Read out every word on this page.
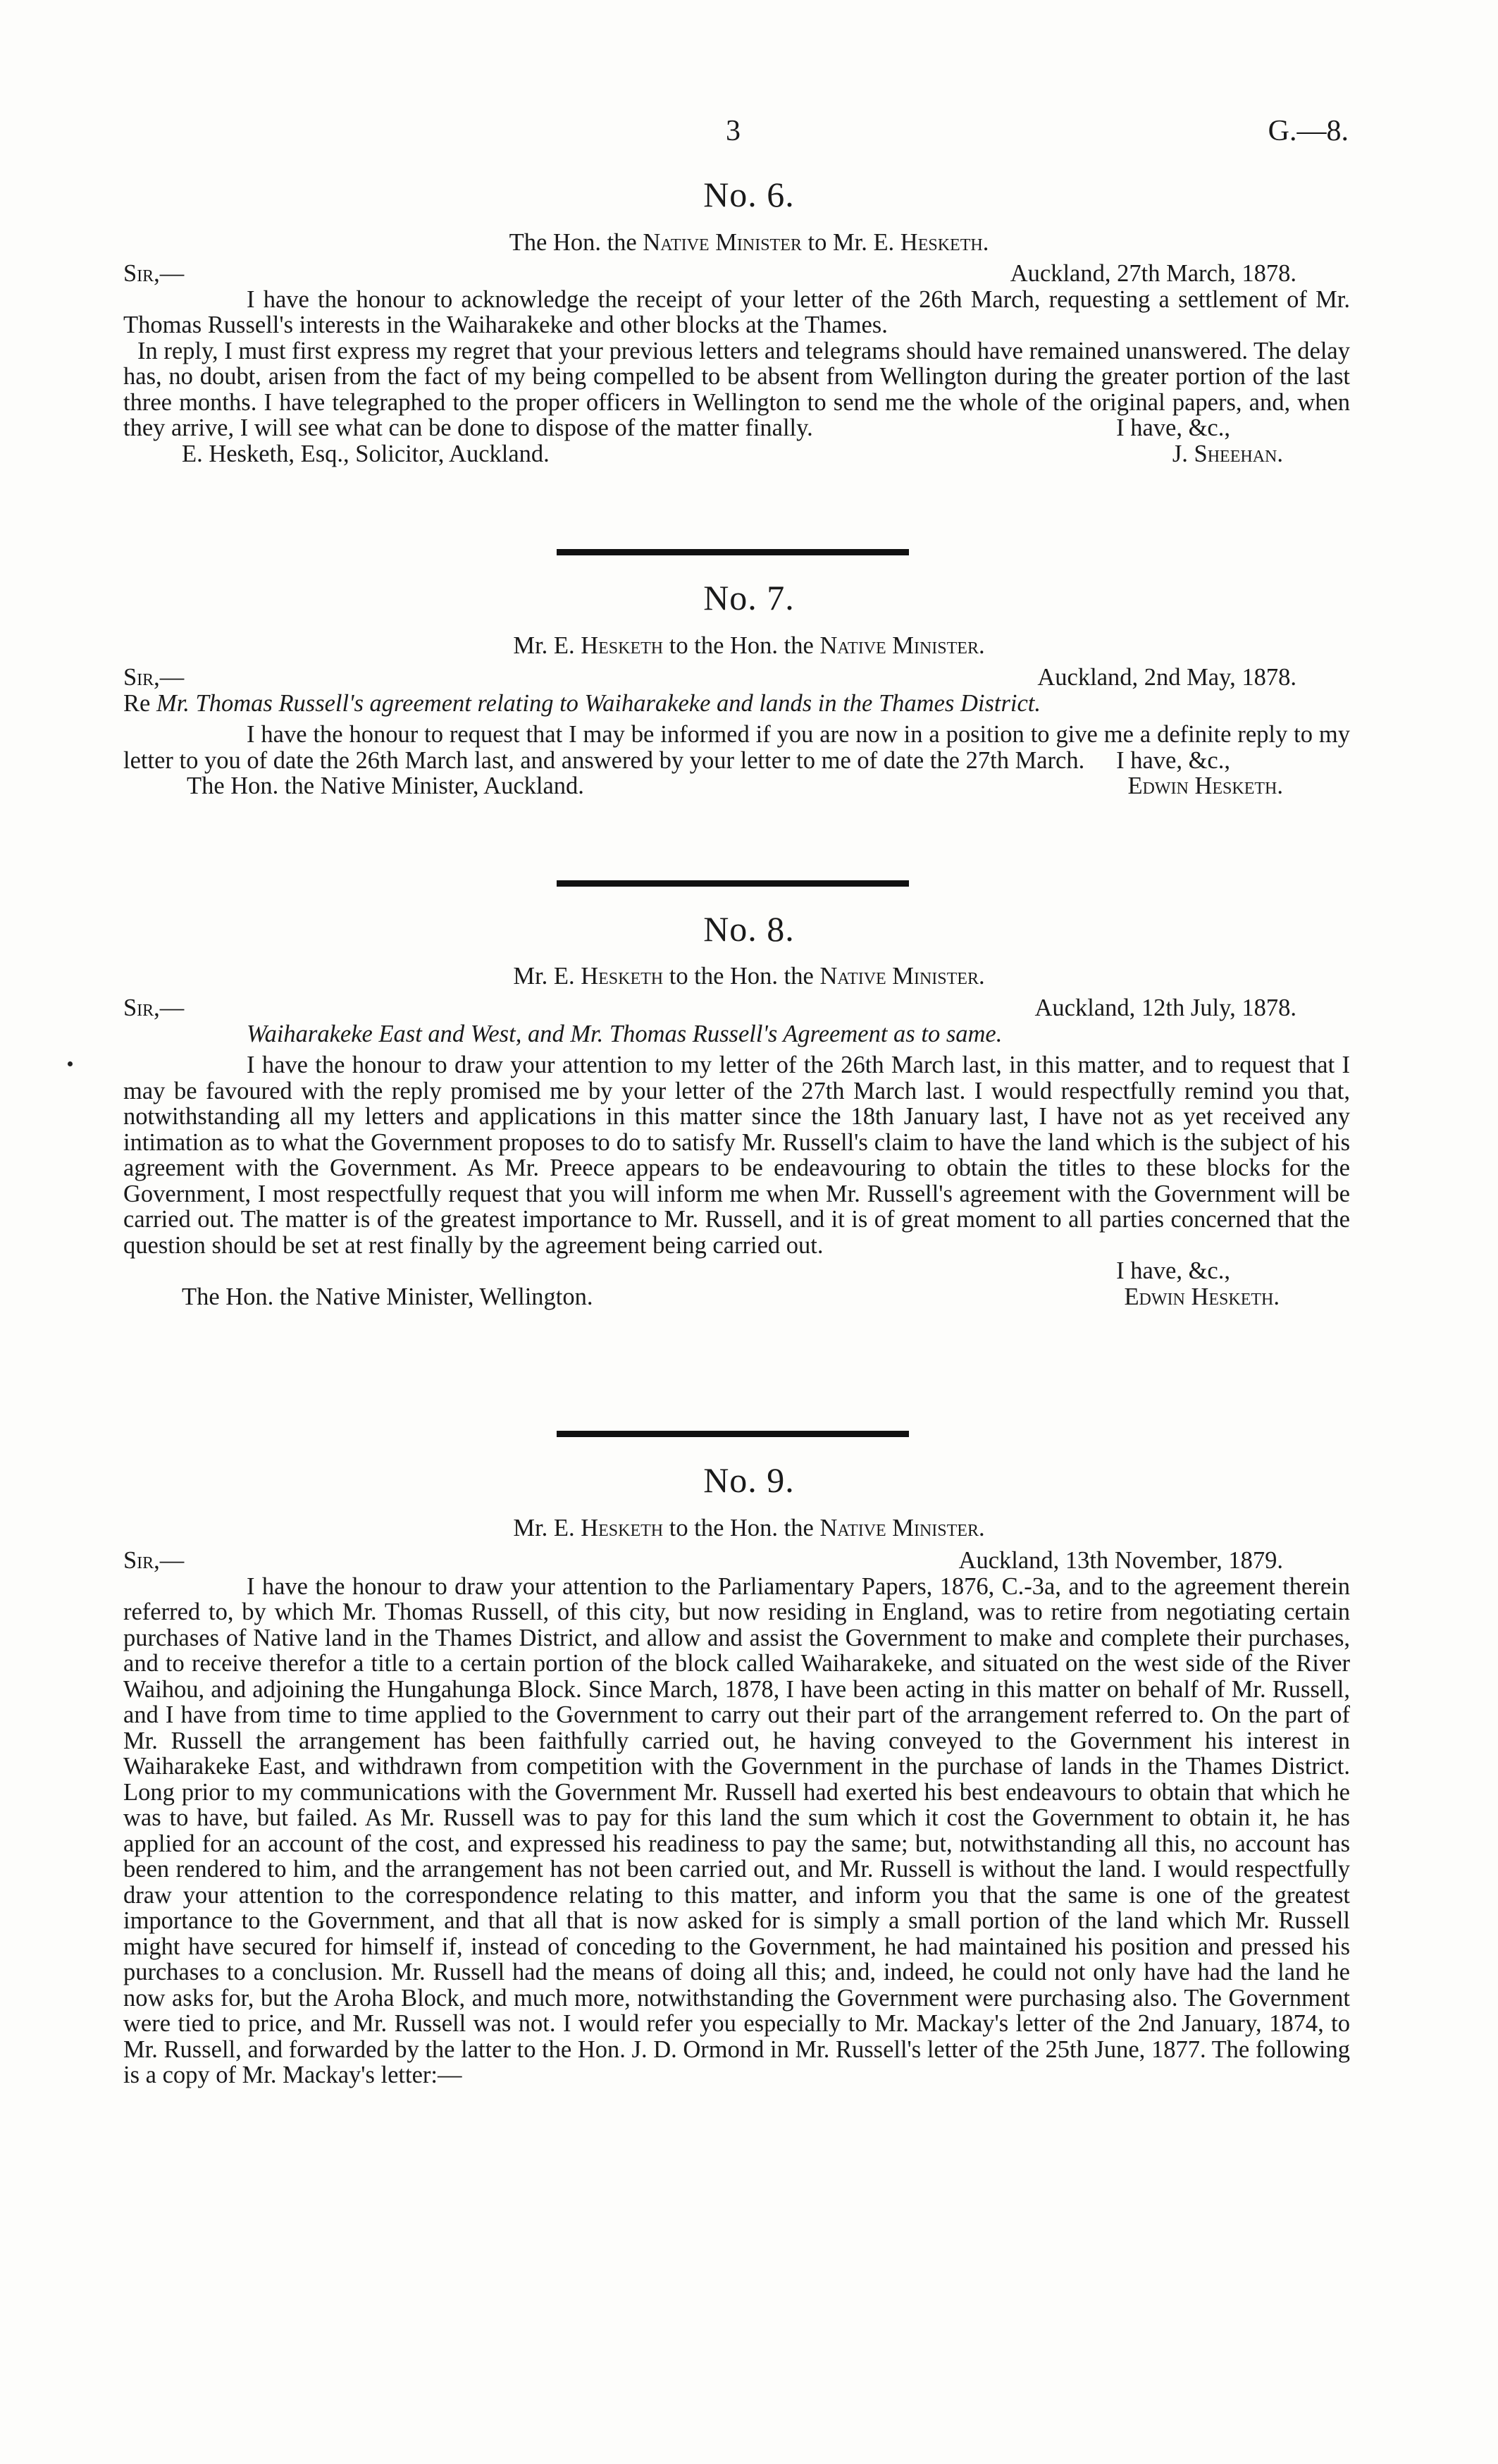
3	G.—8.
No. 6.
The Hon. the Native Minister to Mr. E. Hesketh.
Sir,—	Auckland, 27th March, 1878.
I have the honour to acknowledge the receipt of your letter of the 26th March, requesting a settlement of Mr. Thomas Russell's interests in the Waiharakeke and other blocks at the Thames.
In reply, I must first express my regret that your previous letters and telegrams should have remained unanswered. The delay has, no doubt, arisen from the fact of my being compelled to be absent from Wellington during the greater portion of the last three months. I have telegraphed to the proper officers in Wellington to send me the whole of the original papers, and, when they arrive, I will see what can be done to dispose of the matter finally.	I have, &c.,
E. Hesketh, Esq., Solicitor, Auckland.	J. Sheehan.
No. 7.
Mr. E. Hesketh to the Hon. the Native Minister.
Sir,—	Auckland, 2nd May, 1878.
Re Mr. Thomas Russell's agreement relating to Waiharakeke and lands in the Thames District.
I have the honour to request that I may be informed if you are now in a position to give me a definite reply to my letter to you of date the 26th March last, and answered by your letter to me of date the 27th March.	I have, &c.,
The Hon. the Native Minister, Auckland.	Edwin Hesketh.
No. 8.
Mr. E. Hesketh to the Hon. the Native Minister.
Sir,—	Auckland, 12th July, 1878.
Waiharakeke East and West, and Mr. Thomas Russell's Agreement as to same.
I have the honour to draw your attention to my letter of the 26th March last, in this matter, and to request that I may be favoured with the reply promised me by your letter of the 27th March last. I would respectfully remind you that, notwithstanding all my letters and applications in this matter since the 18th January last, I have not as yet received any intimation as to what the Government proposes to do to satisfy Mr. Russell's claim to have the land which is the subject of his agreement with the Government. As Mr. Preece appears to be endeavouring to obtain the titles to these blocks for the Government, I most respectfully request that you will inform me when Mr. Russell's agreement with the Government will be carried out. The matter is of the greatest importance to Mr. Russell, and it is of great moment to all parties concerned that the question should be set at rest finally by the agreement being carried out.
I have, &c.,
The Hon. the Native Minister, Wellington.	Edwin Hesketh.
No. 9.
Mr. E. Hesketh to the Hon. the Native Minister.
Sir,—	Auckland, 13th November, 1879.
I have the honour to draw your attention to the Parliamentary Papers, 1876, C.-3a, and to the agreement therein referred to, by which Mr. Thomas Russell, of this city, but now residing in England, was to retire from negotiating certain purchases of Native land in the Thames District, and allow and assist the Government to make and complete their purchases, and to receive therefor a title to a certain portion of the block called Waiharakeke, and situated on the west side of the River Waihou, and adjoining the Hungahunga Block. Since March, 1878, I have been acting in this matter on behalf of Mr. Russell, and I have from time to time applied to the Government to carry out their part of the arrangement referred to. On the part of Mr. Russell the arrangement has been faithfully carried out, he having conveyed to the Government his interest in Waiharakeke East, and withdrawn from competition with the Government in the purchase of lands in the Thames District. Long prior to my communications with the Government Mr. Russell had exerted his best endeavours to obtain that which he was to have, but failed. As Mr. Russell was to pay for this land the sum which it cost the Government to obtain it, he has applied for an account of the cost, and expressed his readiness to pay the same; but, notwithstanding all this, no account has been rendered to him, and the arrangement has not been carried out, and Mr. Russell is without the land. I would respectfully draw your attention to the correspondence relating to this matter, and inform you that the same is one of the greatest importance to the Government, and that all that is now asked for is simply a small portion of the land which Mr. Russell might have secured for himself if, instead of conceding to the Government, he had maintained his position and pressed his purchases to a conclusion. Mr. Russell had the means of doing all this; and, indeed, he could not only have had the land he now asks for, but the Aroha Block, and much more, notwithstanding the Government were purchasing also. The Government were tied to price, and Mr. Russell was not. I would refer you especially to Mr. Mackay's letter of the 2nd January, 1874, to Mr. Russell, and forwarded by the latter to the Hon. J. D. Ormond in Mr. Russell's letter of the 25th June, 1877. The following is a copy of Mr. Mackay's letter:—
